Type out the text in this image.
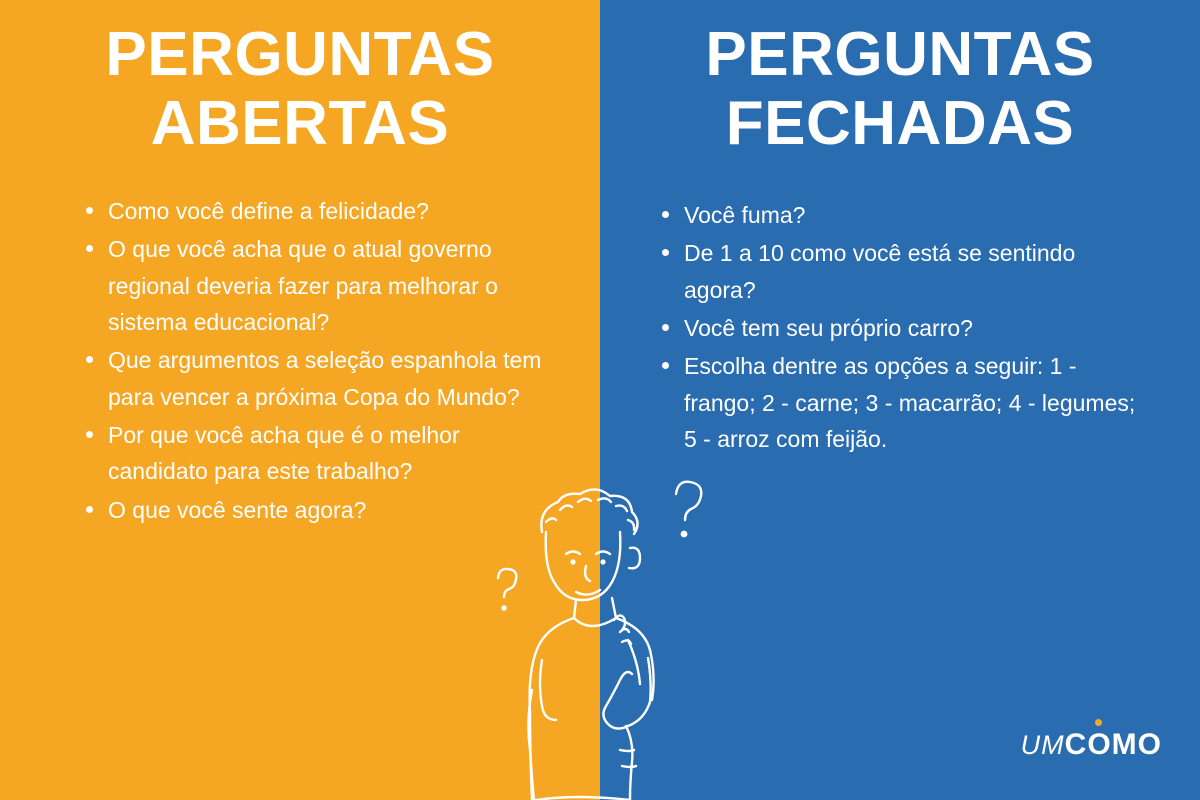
PERGUNTAS
ABERTAS
Como você define a felicidade?
O que você acha que o atual governo regional deveria fazer para melhorar o sistema educacional?
Que argumentos a seleção espanhola tem para vencer a próxima Copa do Mundo?
Por que você acha que é o melhor candidato para este trabalho?
O que você sente agora?
PERGUNTAS
FECHADAS
Você fuma?
De 1 a 10 como você está se sentindo agora?
Você tem seu próprio carro?
Escolha dentre as opções a seguir: 1 - frango; 2 - carne; 3 - macarrão; 4 - legumes; 5 - arroz com feijão.
UM COMO
